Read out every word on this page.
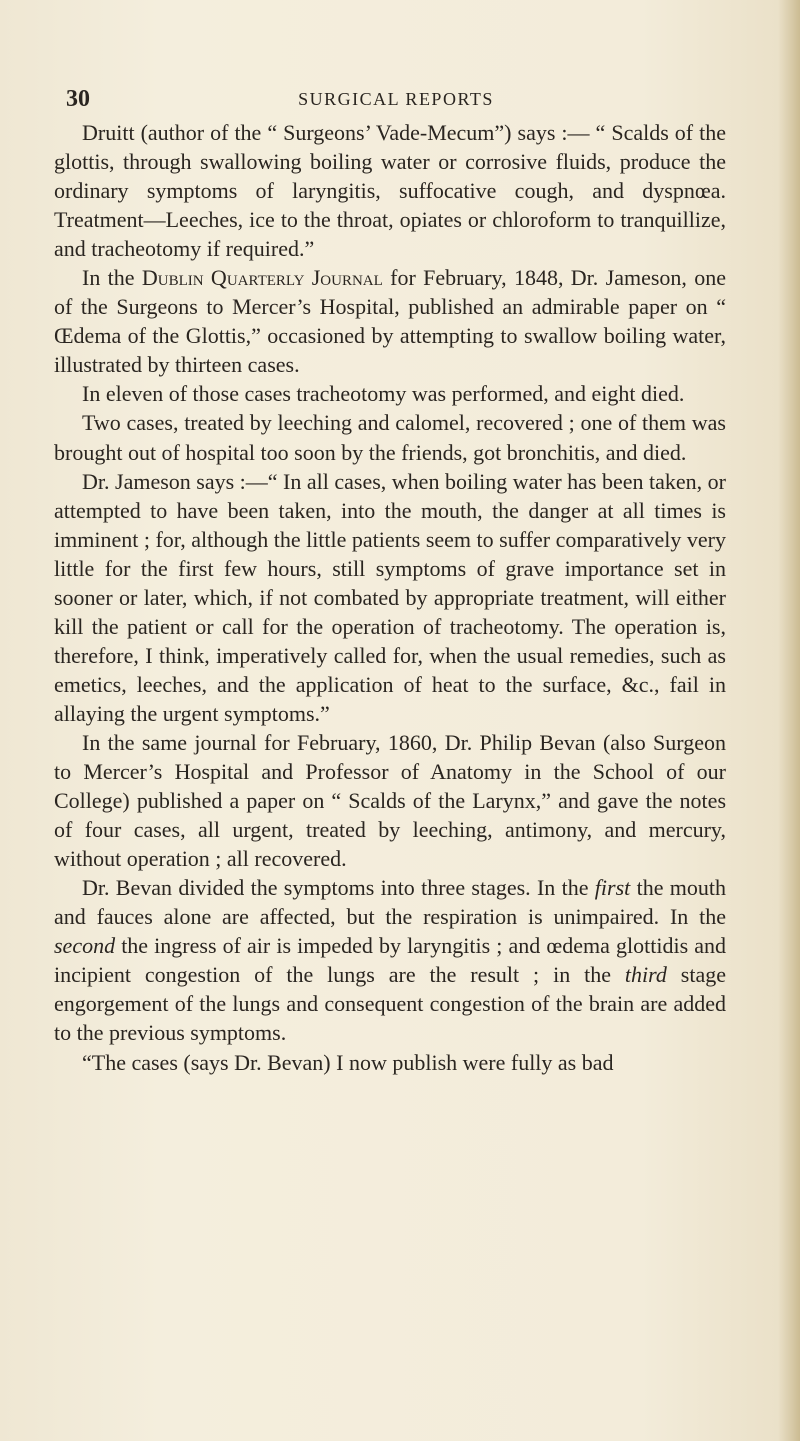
30	SURGICAL REPORTS

Druitt (author of the “ Surgeons’ Vade-Mecum”) says :— “ Scalds of the glottis, through swallowing boiling water or corrosive fluids, produce the ordinary symptoms of laryngitis, suffocative cough, and dyspnœa. Treatment—Leeches, ice to the throat, opiates or chloroform to tranquillize, and tracheotomy if required.”

In the Dublin Quarterly Journal for February, 1848, Dr. Jameson, one of the Surgeons to Mercer’s Hospital, published an admirable paper on “ Œdema of the Glottis,” occasioned by attempting to swallow boiling water, illustrated by thirteen cases.

In eleven of those cases tracheotomy was performed, and eight died.

Two cases, treated by leeching and calomel, recovered ; one of them was brought out of hospital too soon by the friends, got bronchitis, and died.

Dr. Jameson says :—“ In all cases, when boiling water has been taken, or attempted to have been taken, into the mouth, the danger at all times is imminent ; for, although the little patients seem to suffer comparatively very little for the first few hours, still symptoms of grave importance set in sooner or later, which, if not combated by appropriate treatment, will either kill the patient or call for the operation of tracheotomy. The operation is, therefore, I think, imperatively called for, when the usual remedies, such as emetics, leeches, and the application of heat to the surface, &c., fail in allaying the urgent symptoms.”

In the same journal for February, 1860, Dr. Philip Bevan (also Surgeon to Mercer’s Hospital and Professor of Anatomy in the School of our College) published a paper on “ Scalds of the Larynx,” and gave the notes of four cases, all urgent, treated by leeching, antimony, and mercury, without operation ; all recovered.

Dr. Bevan divided the symptoms into three stages. In the first the mouth and fauces alone are affected, but the respiration is unimpaired. In the second the ingress of air is impeded by laryngitis ; and œdema glottidis and incipient congestion of the lungs are the result ; in the third stage engorgement of the lungs and consequent congestion of the brain are added to the previous symptoms.

“The cases (says Dr. Bevan) I now publish were fully as bad
